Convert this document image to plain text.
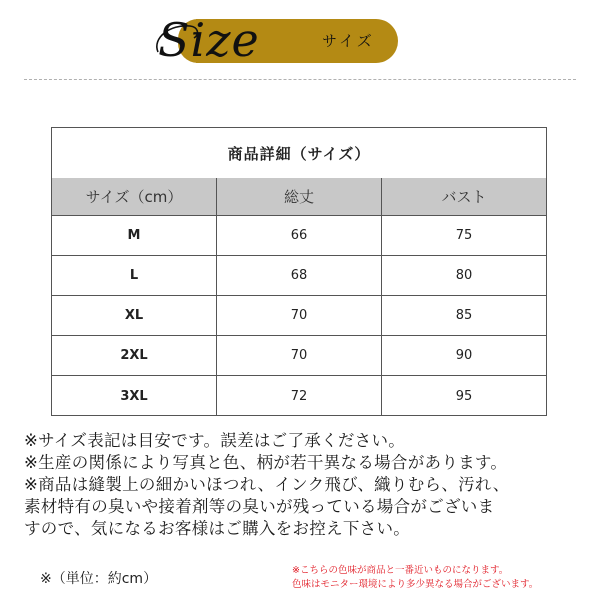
Size	サイズ
商品詳細（サイズ）
サイズ（cm）	総丈	バスト
M	66	75
L	68	80
XL	70	85
2XL	70	90
3XL	72	95
※サイズ表記は目安です。誤差はご了承ください。
※生産の関係により写真と色、柄が若干異なる場合があります。
※商品は縫製上の細かいほつれ、インク飛び、織りむら、汚れ、
素材特有の臭いや接着剤等の臭いが残っている場合がございま
すので、気になるお客様はご購入をお控え下さい。
※（単位：約cm）
※こちらの色味が商品と一番近いものになります。
色味はモニター環境により多少異なる場合がございます。
